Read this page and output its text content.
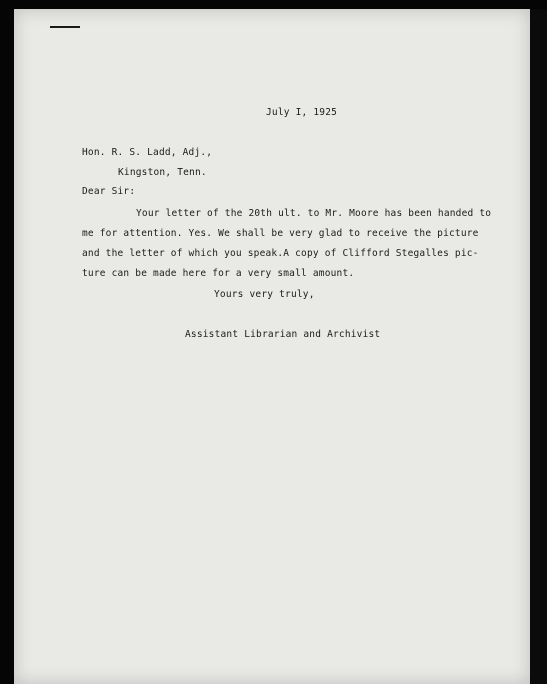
July I, 1925
Hon. R. S. Ladd, Adj.,
Kingston, Tenn.
Dear Sir:
Your letter of the 20th ult. to Mr. Moore has been handed to
me for attention. Yes. We shall be very glad to receive the picture
and the letter of which you speak.A copy of Clifford Stegalles pic-
ture can be made here for a very small amount.
Yours very truly,
Assistant Librarian and Archivist
